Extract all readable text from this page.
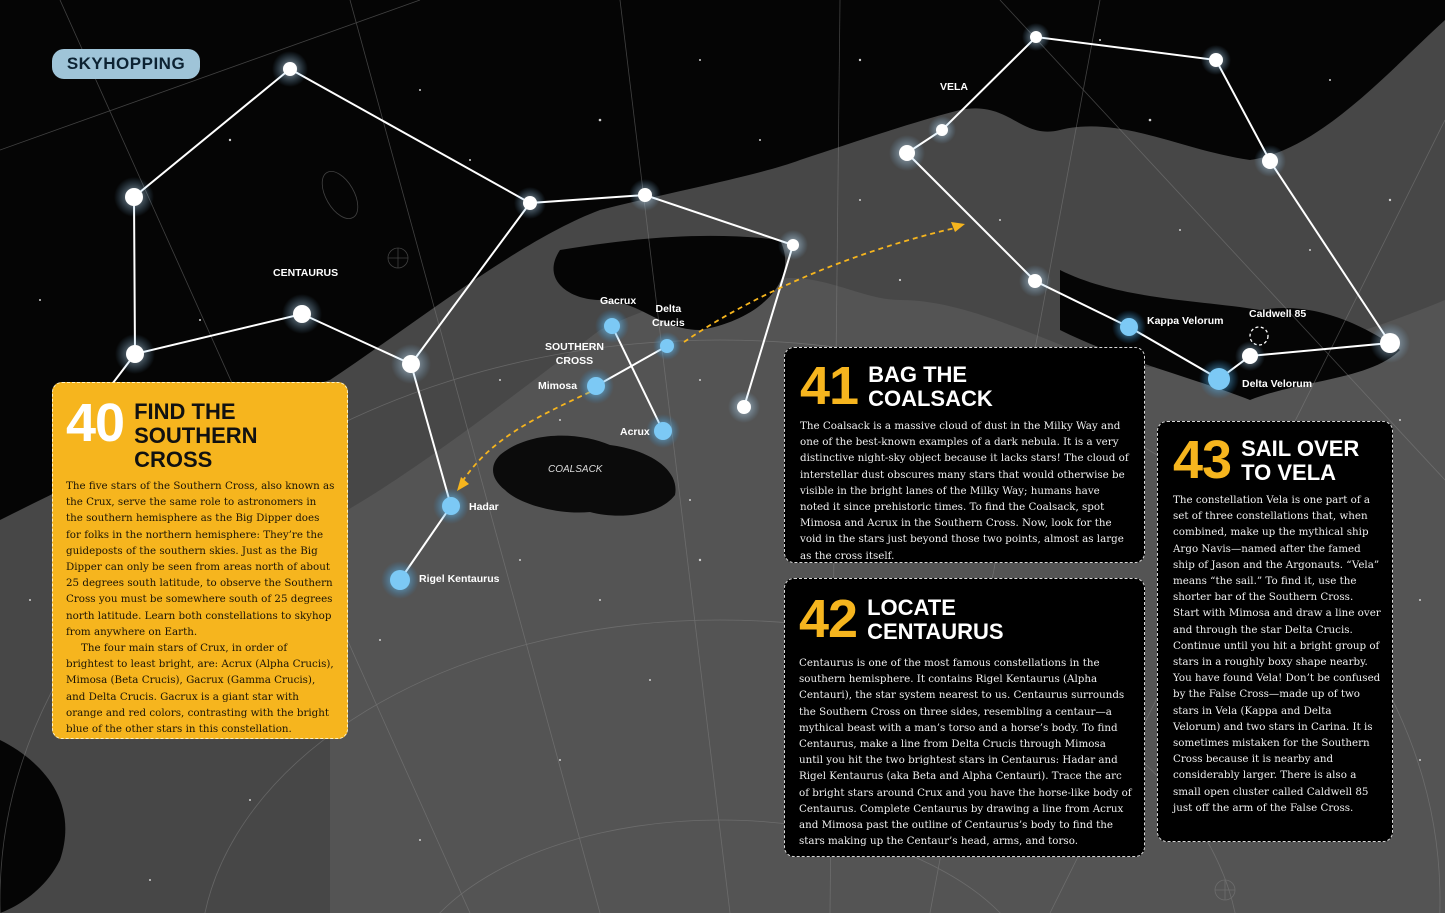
SKYHOPPING
CENTAURUS
VELA
Gacrux
Delta
Crucis
SOUTHERN
CROSS
Mimosa
Acrux
COALSACK
Hadar
Rigel Kentaurus
Kappa Velorum
Caldwell 85
Delta Velorum
40 FIND THE SOUTHERN CROSS

The five stars of the Southern Cross, also known as the Crux, serve the same role to astronomers in the southern hemisphere as the Big Dipper does for folks in the northern hemisphere: They’re the guideposts of the southern skies. Just as the Big Dipper can only be seen from areas north of about 25 degrees south latitude, to observe the Southern Cross you must be somewhere south of 25 degrees north latitude. Learn both constellations to skyhop from anywhere on Earth.

The four main stars of Crux, in order of brightest to least bright, are: Acrux (Alpha Crucis), Mimosa (Beta Crucis), Gacrux (Gamma Crucis), and Delta Crucis. Gacrux is a giant star with orange and red colors, contrasting with the bright blue of the other stars in this constellation.

41 BAG THE COALSACK

The Coalsack is a massive cloud of dust in the Milky Way and one of the best-known examples of a dark nebula. It is a very distinctive night-sky object because it lacks stars! The cloud of interstellar dust obscures many stars that would otherwise be visible in the bright lanes of the Milky Way; humans have noted it since prehistoric times. To find the Coalsack, spot Mimosa and Acrux in the Southern Cross. Now, look for the void in the stars just beyond those two points, almost as large as the cross itself.

42 LOCATE CENTAURUS

Centaurus is one of the most famous constellations in the southern hemisphere. It contains Rigel Kentaurus (Alpha Centauri), the star system nearest to us. Centaurus surrounds the Southern Cross on three sides, resembling a centaur—a mythical beast with a man’s torso and a horse’s body. To find Centaurus, make a line from Delta Crucis through Mimosa until you hit the two brightest stars in Centaurus: Hadar and Rigel Kentaurus (aka Beta and Alpha Centauri). Trace the arc of bright stars around Crux and you have the horse-like body of Centaurus. Complete Centaurus by drawing a line from Acrux and Mimosa past the outline of Centaurus’s body to find the stars making up the Centaur’s head, arms, and torso.

43 SAIL OVER TO VELA

The constellation Vela is one part of a set of three constellations that, when combined, make up the mythical ship Argo Navis—named after the famed ship of Jason and the Argonauts. “Vela” means “the sail.” To find it, use the shorter bar of the Southern Cross. Start with Mimosa and draw a line over and through the star Delta Crucis. Continue until you hit a bright group of stars in a roughly boxy shape nearby. You have found Vela! Don’t be confused by the False Cross—made up of two stars in Vela (Kappa and Delta Velorum) and two stars in Carina. It is sometimes mistaken for the Southern Cross because it is nearby and considerably larger. There is also a small open cluster called Caldwell 85 just off the arm of the False Cross.
